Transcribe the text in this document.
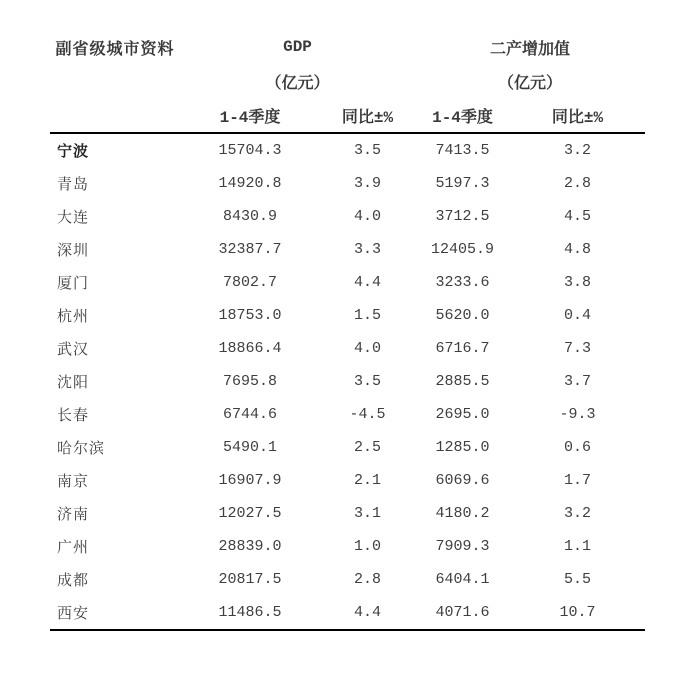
副省级城市资料	GDP		二产增加值	
	（亿元）		（亿元）	
	1-4季度	同比±%	1-4季度	同比±%
宁波	15704.3	3.5	7413.5	3.2
青岛	14920.8	3.9	5197.3	2.8
大连	8430.9	4.0	3712.5	4.5
深圳	32387.7	3.3	12405.9	4.8
厦门	7802.7	4.4	3233.6	3.8
杭州	18753.0	1.5	5620.0	0.4
武汉	18866.4	4.0	6716.7	7.3
沈阳	7695.8	3.5	2885.5	3.7
长春	6744.6	-4.5	2695.0	-9.3
哈尔滨	5490.1	2.5	1285.0	0.6
南京	16907.9	2.1	6069.6	1.7
济南	12027.5	3.1	4180.2	3.2
广州	28839.0	1.0	7909.3	1.1
成都	20817.5	2.8	6404.1	5.5
西安	11486.5	4.4	4071.6	10.7
